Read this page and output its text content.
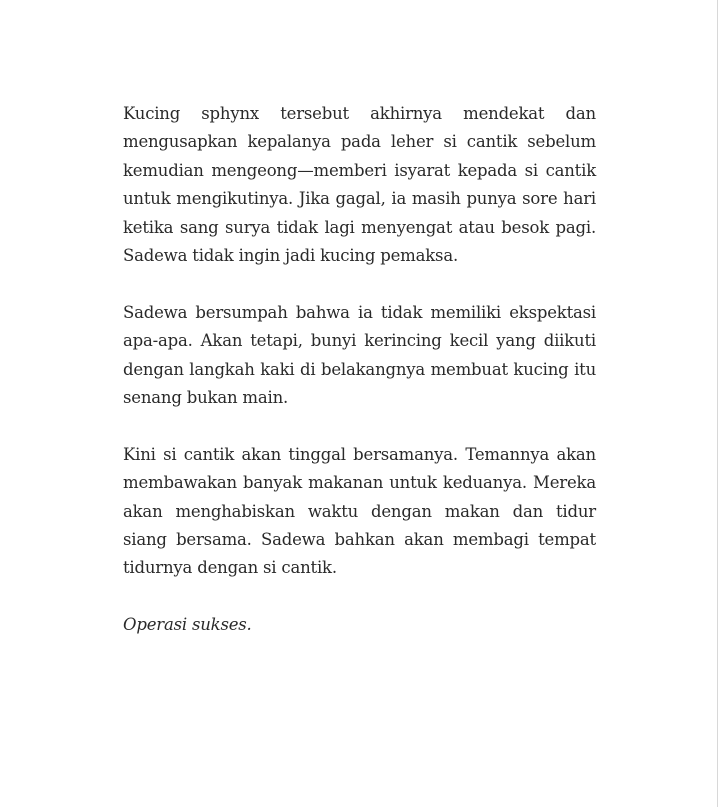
Kucing sphynx tersebut akhirnya mendekat dan mengusapkan kepalanya pada leher si cantik sebelum kemudian mengeong—memberi isyarat kepada si cantik untuk mengikutinya. Jika gagal, ia masih punya sore hari ketika sang surya tidak lagi menyengat atau besok pagi. Sadewa tidak ingin jadi kucing pemaksa.

Sadewa bersumpah bahwa ia tidak memiliki ekspektasi apa-apa. Akan tetapi, bunyi kerincing kecil yang diikuti dengan langkah kaki di belakangnya membuat kucing itu senang bukan main.

Kini si cantik akan tinggal bersamanya. Temannya akan membawakan banyak makanan untuk keduanya. Mereka akan menghabiskan waktu dengan makan dan tidur siang bersama. Sadewa bahkan akan membagi tempat tidurnya dengan si cantik.

Operasi sukses.
